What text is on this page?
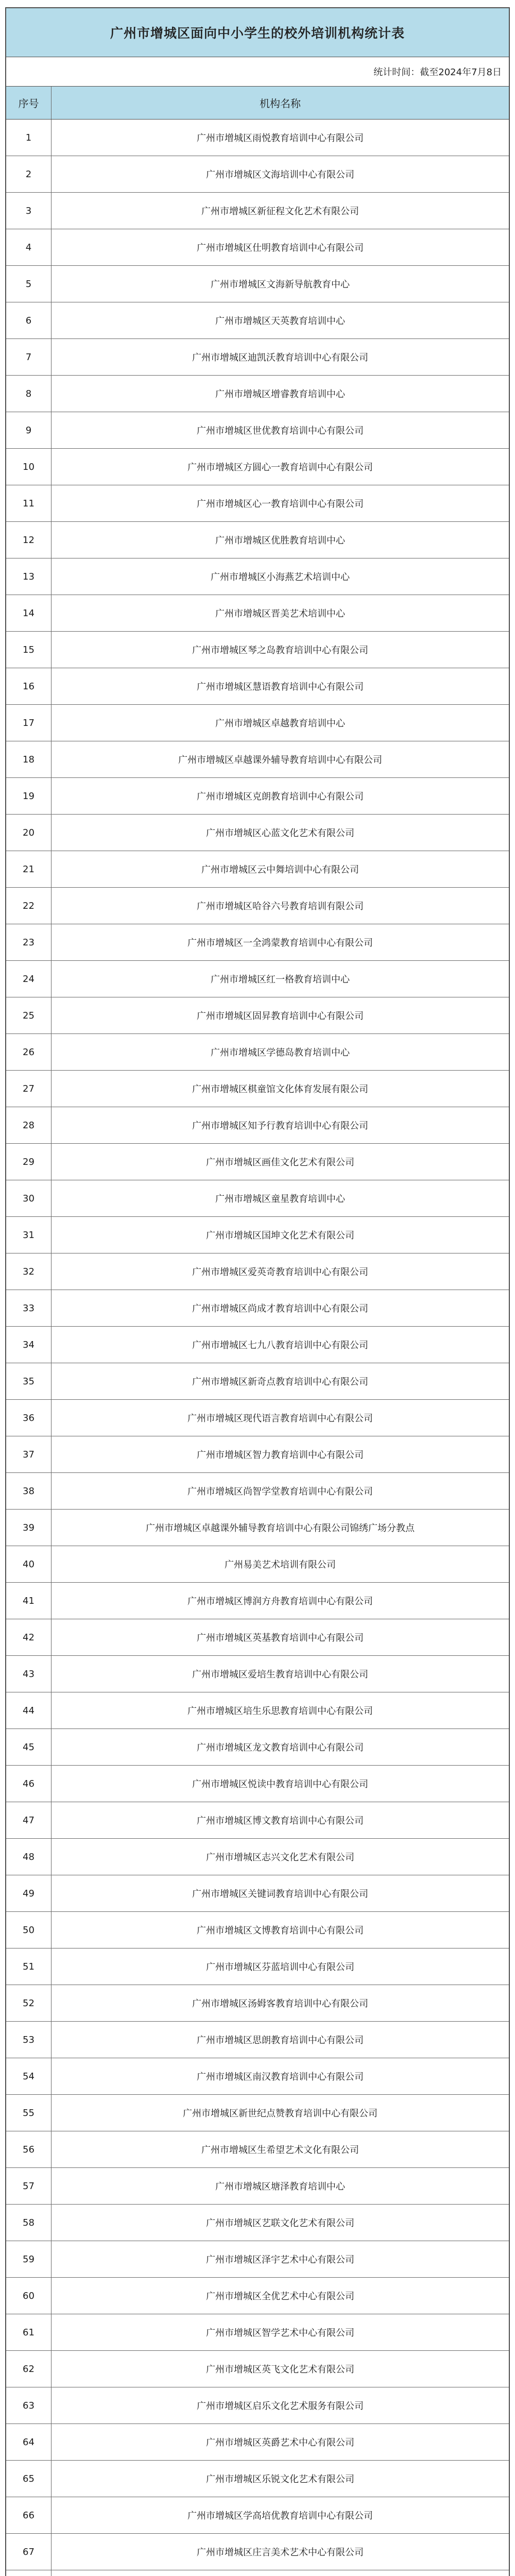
广州市增城区面向中小学生的校外培训机构统计表
统计时间：截至2024年7月8日
序号	机构名称
1	广州市增城区雨悦教育培训中心有限公司
2	广州市增城区文海培训中心有限公司
3	广州市增城区新征程文化艺术有限公司
4	广州市增城区仕明教育培训中心有限公司
5	广州市增城区文海新导航教育中心
6	广州市增城区天英教育培训中心
7	广州市增城区迪凯沃教育培训中心有限公司
8	广州市增城区增睿教育培训中心
9	广州市增城区世优教育培训中心有限公司
10	广州市增城区方圆心一教育培训中心有限公司
11	广州市增城区心一教育培训中心有限公司
12	广州市增城区优胜教育培训中心
13	广州市增城区小海燕艺术培训中心
14	广州市增城区晋美艺术培训中心
15	广州市增城区琴之岛教育培训中心有限公司
16	广州市增城区慧语教育培训中心有限公司
17	广州市增城区卓越教育培训中心
18	广州市增城区卓越课外辅导教育培训中心有限公司
19	广州市增城区克朗教育培训中心有限公司
20	广州市增城区心蓝文化艺术有限公司
21	广州市增城区云中舞培训中心有限公司
22	广州市增城区哈谷六号教育培训有限公司
23	广州市增城区一全鸿蒙教育培训中心有限公司
24	广州市增城区红一格教育培训中心
25	广州市增城区固昇教育培训中心有限公司
26	广州市增城区学德岛教育培训中心
27	广州市增城区棋童馆文化体育发展有限公司
28	广州市增城区知予行教育培训中心有限公司
29	广州市增城区画佳文化艺术有限公司
30	广州市增城区童星教育培训中心
31	广州市增城区国坤文化艺术有限公司
32	广州市增城区爱英奇教育培训中心有限公司
33	广州市增城区尚成才教育培训中心有限公司
34	广州市增城区七九八教育培训中心有限公司
35	广州市增城区新奇点教育培训中心有限公司
36	广州市增城区现代语言教育培训中心有限公司
37	广州市增城区智力教育培训中心有限公司
38	广州市增城区尚智学堂教育培训中心有限公司
39	广州市增城区卓越课外辅导教育培训中心有限公司锦绣广场分教点
40	广州易美艺术培训有限公司
41	广州市增城区博润方舟教育培训中心有限公司
42	广州市增城区英基教育培训中心有限公司
43	广州市增城区爱培生教育培训中心有限公司
44	广州市增城区培生乐思教育培训中心有限公司
45	广州市增城区龙文教育培训中心有限公司
46	广州市增城区悦读中教育培训中心有限公司
47	广州市增城区博文教育培训中心有限公司
48	广州市增城区志兴文化艺术有限公司
49	广州市增城区关键词教育培训中心有限公司
50	广州市增城区文博教育培训中心有限公司
51	广州市增城区芬蓝培训中心有限公司
52	广州市增城区汤姆客教育培训中心有限公司
53	广州市增城区思朗教育培训中心有限公司
54	广州市增城区南汉教育培训中心有限公司
55	广州市增城区新世纪点赞教育培训中心有限公司
56	广州市增城区生希望艺术文化有限公司
57	广州市增城区塘泽教育培训中心
58	广州市增城区艺联文化艺术有限公司
59	广州市增城区泽宇艺术中心有限公司
60	广州市增城区全优艺术中心有限公司
61	广州市增城区智学艺术中心有限公司
62	广州市增城区英飞文化艺术有限公司
63	广州市增城区启乐文化艺术服务有限公司
64	广州市增城区英爵艺术中心有限公司
65	广州市增城区乐锐文化艺术有限公司
66	广州市增城区学高培优教育培训中心有限公司
67	广州市增城区庄言美术艺术中心有限公司
